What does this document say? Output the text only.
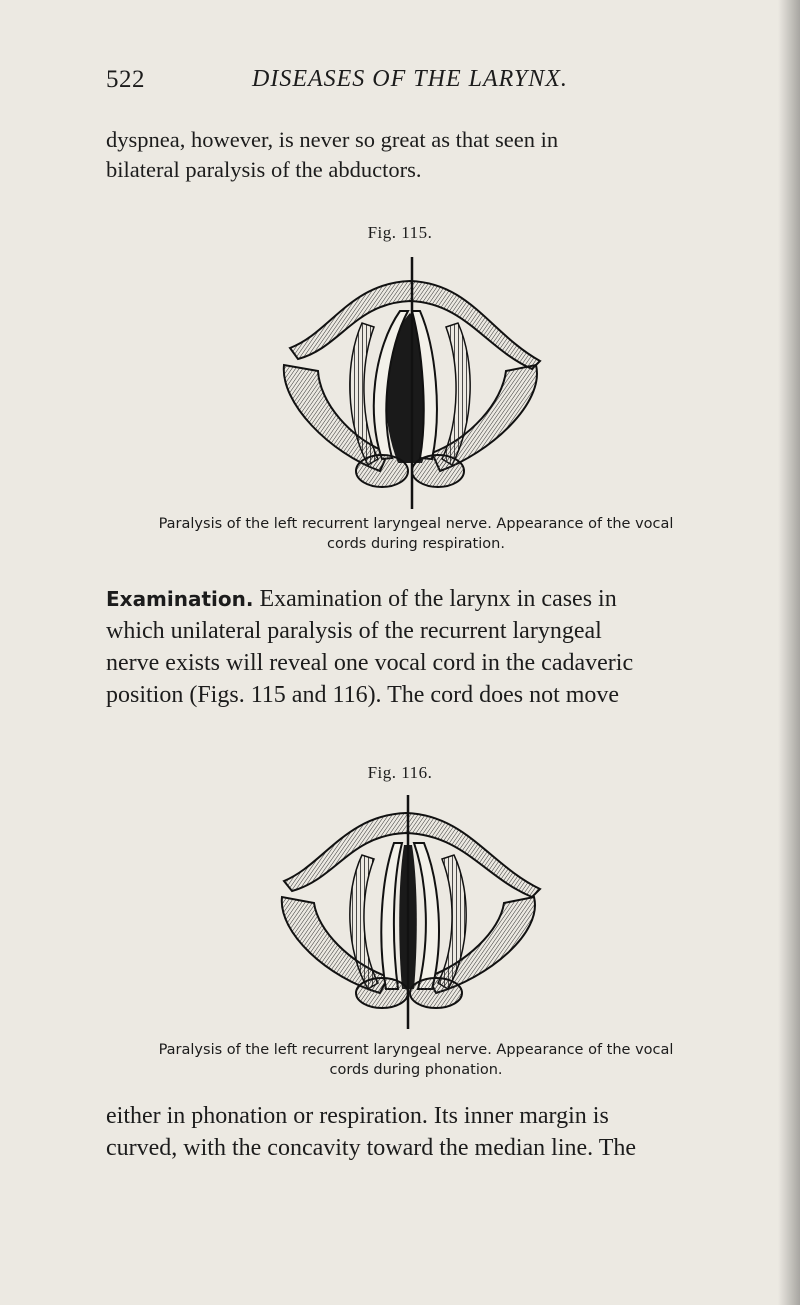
522	DISEASES OF THE LARYNX.
dyspnea, however, is never so great as that seen in
bilateral paralysis of the abductors.
Fig. 115.
Paralysis of the left recurrent laryngeal nerve. Appearance of the vocal
cords during respiration.
Examination. Examination of the larynx in cases in
which unilateral paralysis of the recurrent laryngeal
nerve exists will reveal one vocal cord in the cadaveric
position (Figs. 115 and 116). The cord does not move
Fig. 116.
Paralysis of the left recurrent laryngeal nerve. Appearance of the vocal
cords during phonation.
either in phonation or respiration. Its inner margin is
curved, with the concavity toward the median line. The
